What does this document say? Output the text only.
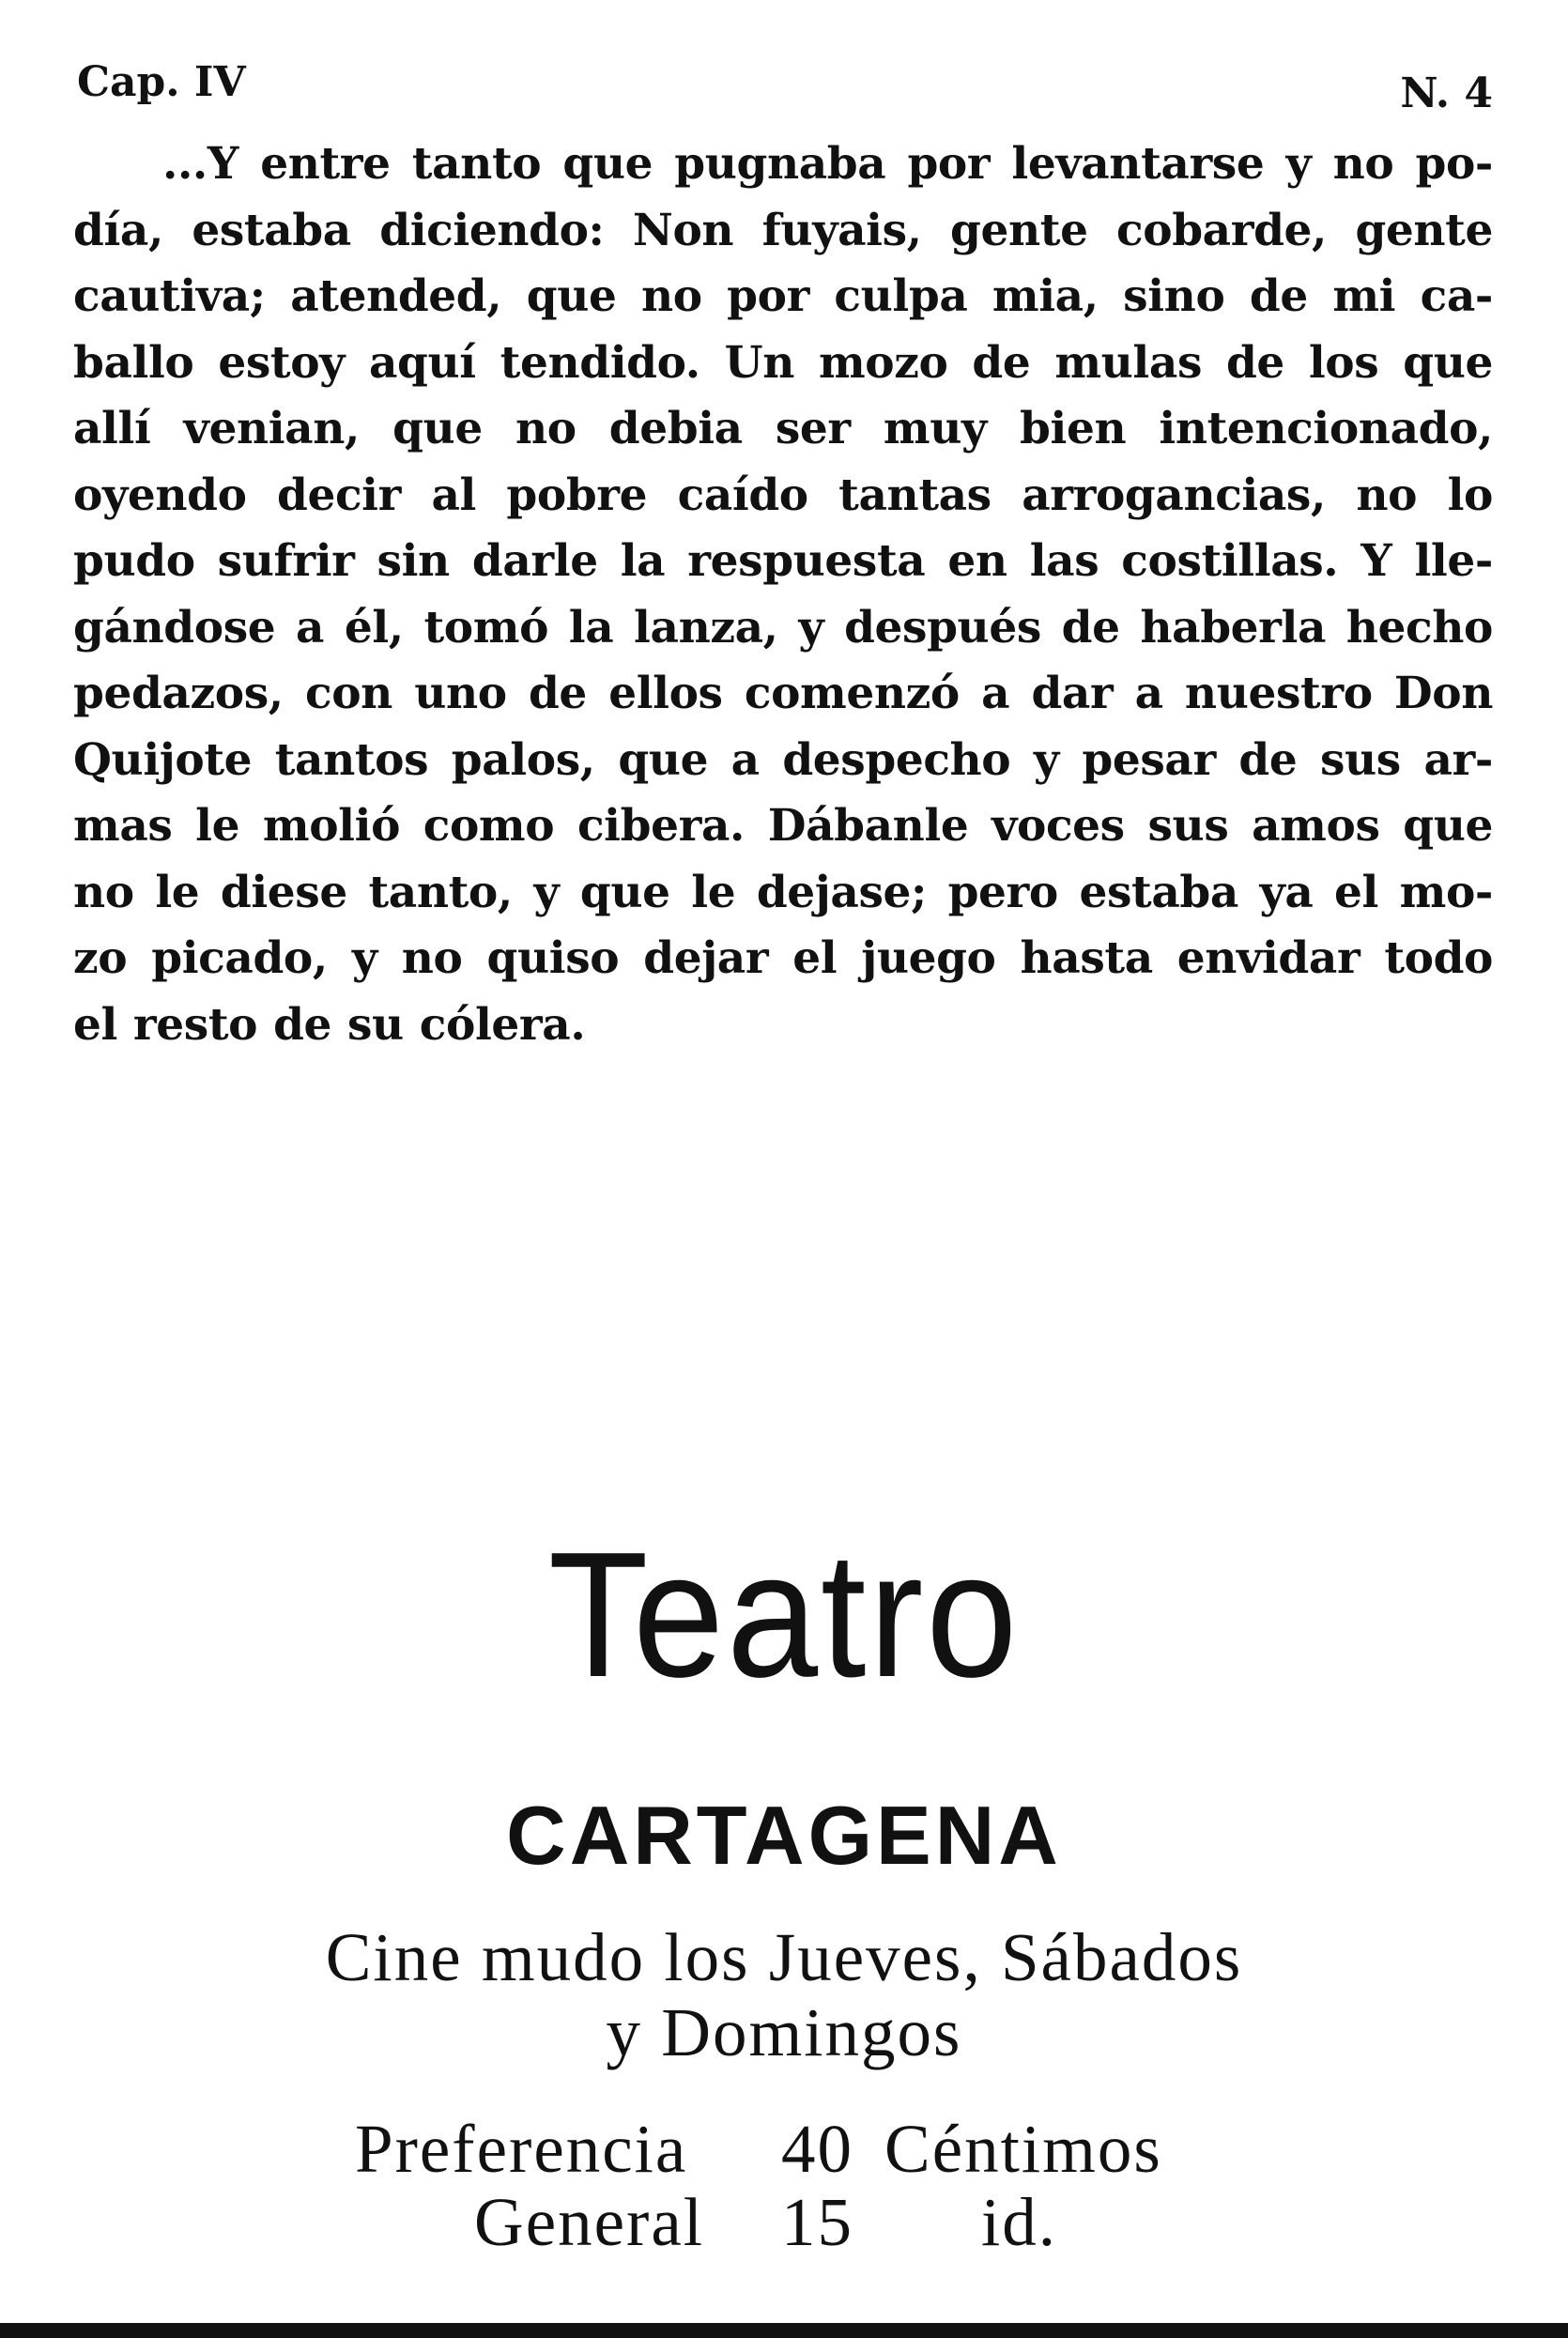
Cap. IV	N. 4
...Y entre tanto que pugnaba por levantarse y no po-
día, estaba diciendo: Non fuyais, gente cobarde, gente
cautiva; atended, que no por culpa mia, sino de mi ca-
ballo estoy aquí tendido. Un mozo de mulas de los que
allí venian, que no debia ser muy bien intencionado,
oyendo decir al pobre caído tantas arrogancias, no lo
pudo sufrir sin darle la respuesta en las costillas. Y lle-
gándose a él, tomó la lanza, y después de haberla hecho
pedazos, con uno de ellos comenzó a dar a nuestro Don
Quijote tantos palos, que a despecho y pesar de sus ar-
mas le molió como cibera. Dábanle voces sus amos que
no le diese tanto, y que le dejase; pero estaba ya el mo-
zo picado, y no quiso dejar el juego hasta envidar todo
el resto de su cólera.
Teatro
CARTAGENA
Cine mudo los Jueves, Sábados
y Domingos
Preferencia 40 Céntimos
General 15 id.
